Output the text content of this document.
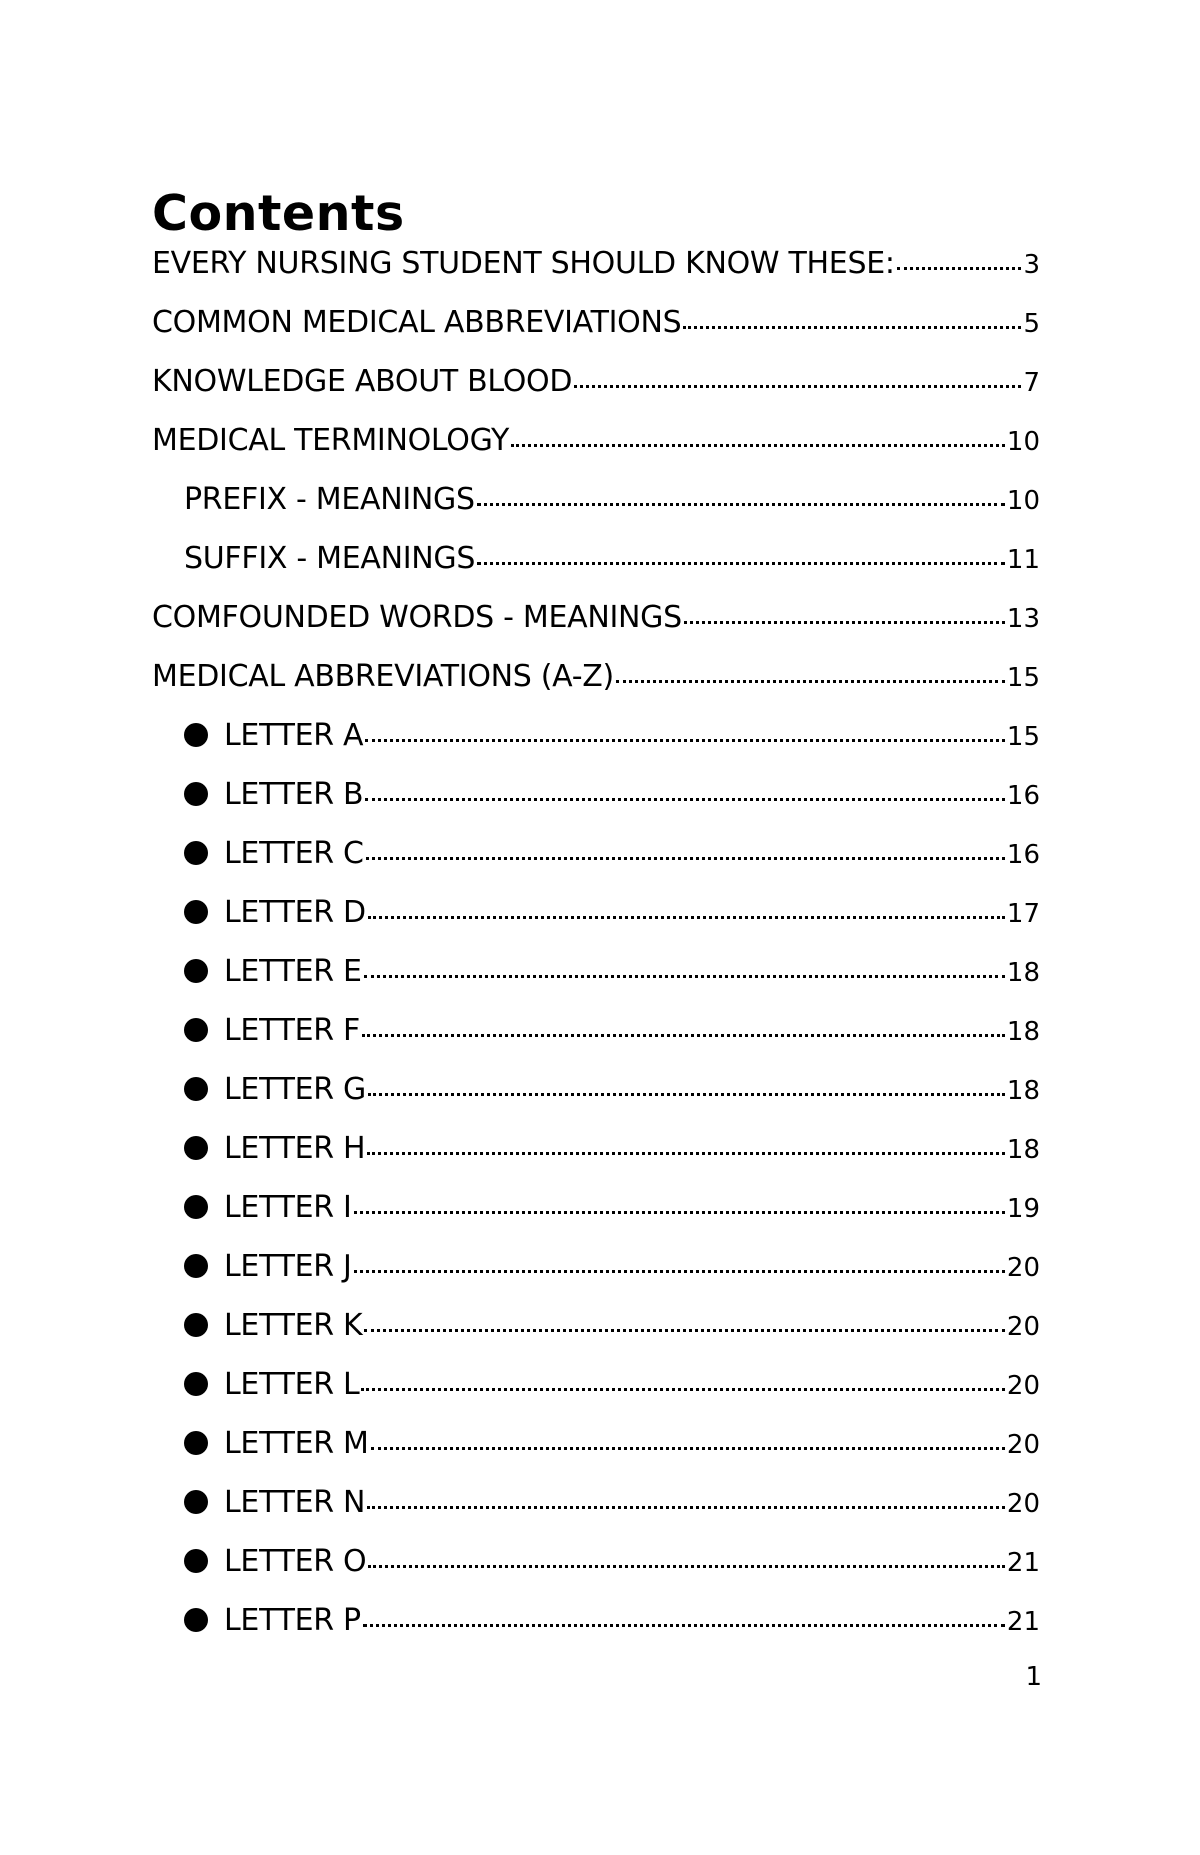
Contents
EVERY NURSING STUDENT SHOULD KNOW THESE:	3
COMMON MEDICAL ABBREVIATIONS	5
KNOWLEDGE ABOUT BLOOD	7
MEDICAL TERMINOLOGY	10
PREFIX - MEANINGS	10
SUFFIX - MEANINGS	11
COMFOUNDED WORDS - MEANINGS	13
MEDICAL ABBREVIATIONS (A-Z)	15
LETTER A	15
LETTER B	16
LETTER C	16
LETTER D	17
LETTER E	18
LETTER F	18
LETTER G	18
LETTER H	18
LETTER I	19
LETTER J	20
LETTER K	20
LETTER L	20
LETTER M	20
LETTER N	20
LETTER O	21
LETTER P	21
1
